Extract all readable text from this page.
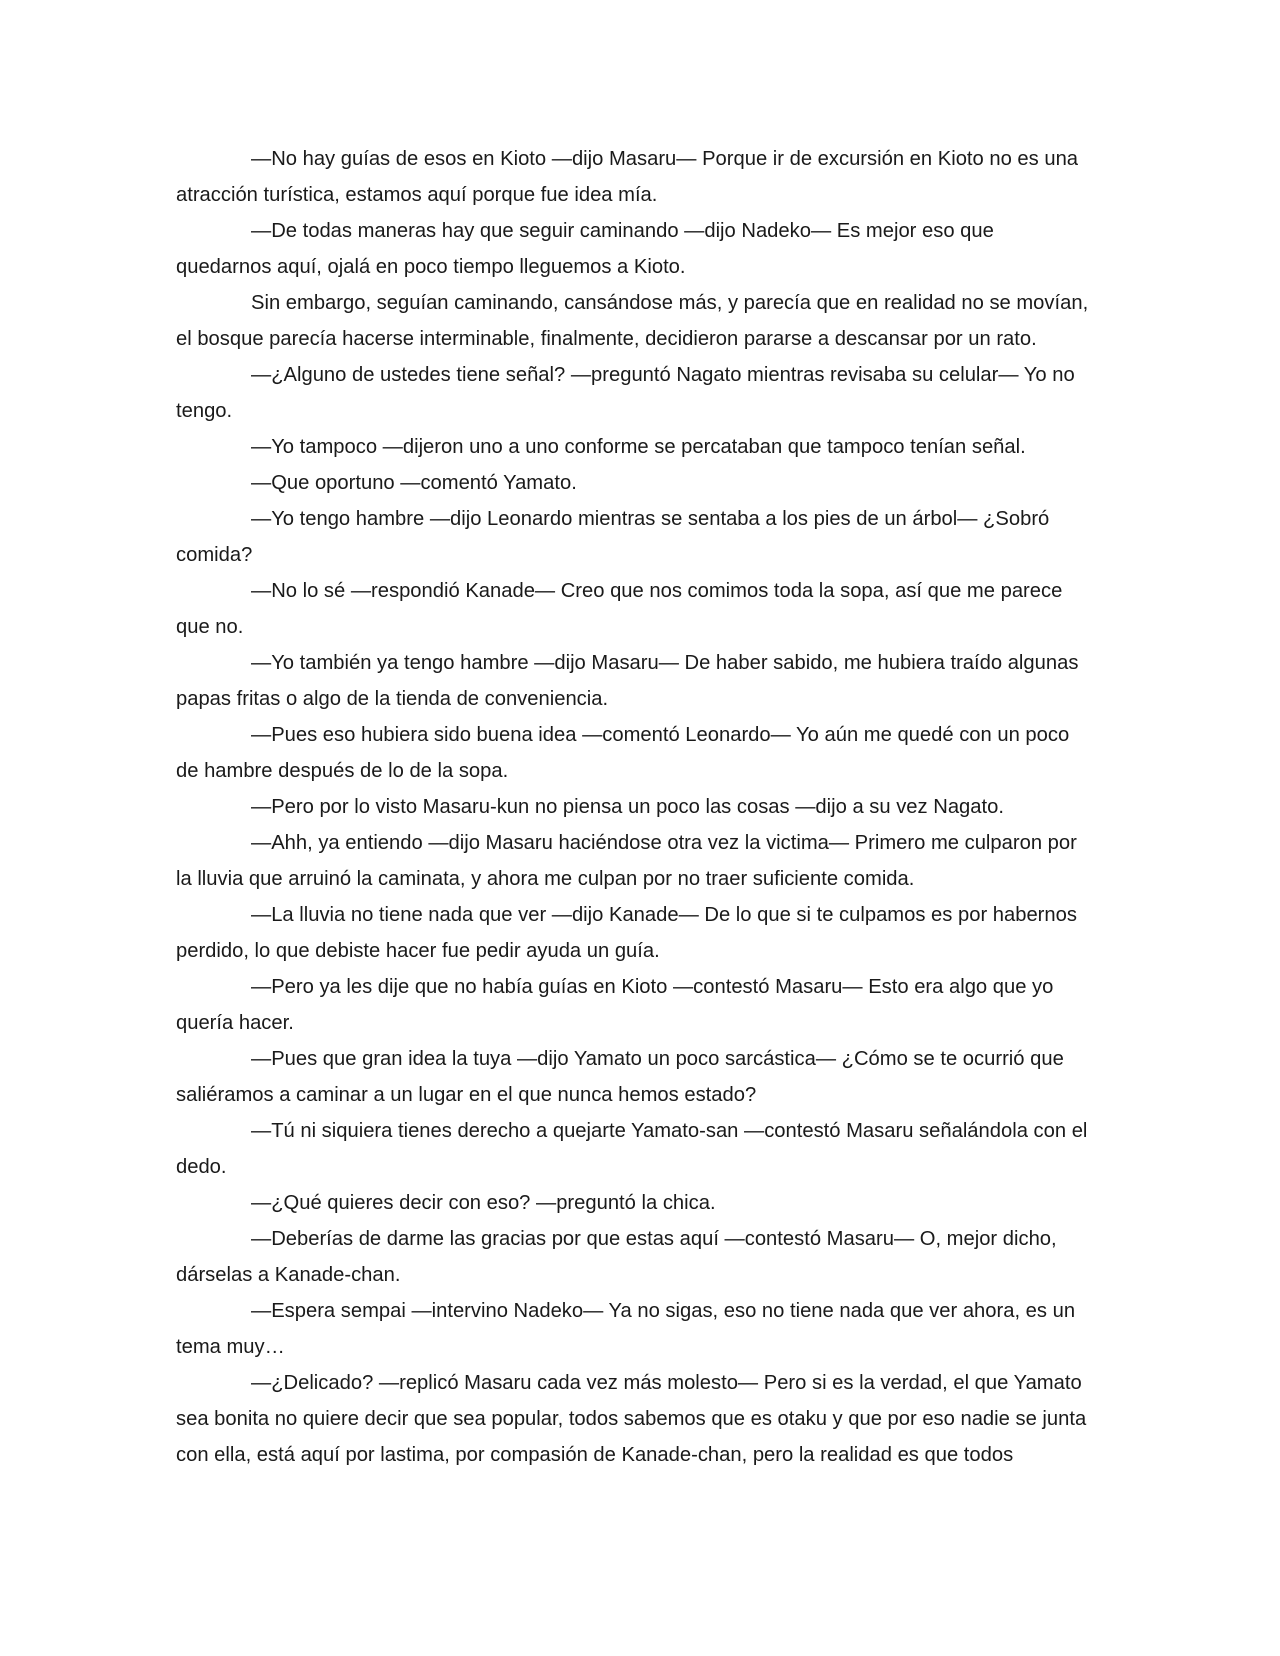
—No hay guías de esos en Kioto —dijo Masaru— Porque ir de excursión en Kioto no es una atracción turística, estamos aquí porque fue idea mía.

—De todas maneras hay que seguir caminando —dijo Nadeko— Es mejor eso que quedarnos aquí, ojalá en poco tiempo lleguemos a Kioto.

Sin embargo, seguían caminando, cansándose más, y parecía que en realidad no se movían, el bosque parecía hacerse interminable, finalmente, decidieron pararse a descansar por un rato.

—¿Alguno de ustedes tiene señal? —preguntó Nagato mientras revisaba su celular— Yo no tengo.

—Yo tampoco —dijeron uno a uno conforme se percataban que tampoco tenían señal.

—Que oportuno —comentó Yamato.

—Yo tengo hambre —dijo Leonardo mientras se sentaba a los pies de un árbol— ¿Sobró comida?

—No lo sé —respondió Kanade— Creo que nos comimos toda la sopa, así que me parece que no.

—Yo también ya tengo hambre —dijo Masaru— De haber sabido, me hubiera traído algunas papas fritas o algo de la tienda de conveniencia.

—Pues eso hubiera sido buena idea —comentó Leonardo— Yo aún me quedé con un poco de hambre después de lo de la sopa.

—Pero por lo visto Masaru-kun no piensa un poco las cosas —dijo a su vez Nagato.

—Ahh, ya entiendo —dijo Masaru haciéndose otra vez la victima— Primero me culparon por la lluvia que arruinó la caminata, y ahora me culpan por no traer suficiente comida.

—La lluvia no tiene nada que ver —dijo Kanade— De lo que si te culpamos es por habernos perdido, lo que debiste hacer fue pedir ayuda un guía.

—Pero ya les dije que no había guías en Kioto —contestó Masaru— Esto era algo que yo quería hacer.

—Pues que gran idea la tuya —dijo Yamato un poco sarcástica— ¿Cómo se te ocurrió que saliéramos a caminar a un lugar en el que nunca hemos estado?

—Tú ni siquiera tienes derecho a quejarte Yamato-san —contestó Masaru señalándola con el dedo.

—¿Qué quieres decir con eso? —preguntó la chica.

—Deberías de darme las gracias por que estas aquí —contestó Masaru— O, mejor dicho, dárselas a Kanade-chan.

—Espera sempai —intervino Nadeko— Ya no sigas, eso no tiene nada que ver ahora, es un tema muy…

—¿Delicado? —replicó Masaru cada vez más molesto— Pero si es la verdad, el que Yamato sea bonita no quiere decir que sea popular, todos sabemos que es otaku y que por eso nadie se junta con ella, está aquí por lastima, por compasión de Kanade-chan, pero la realidad es que todos
